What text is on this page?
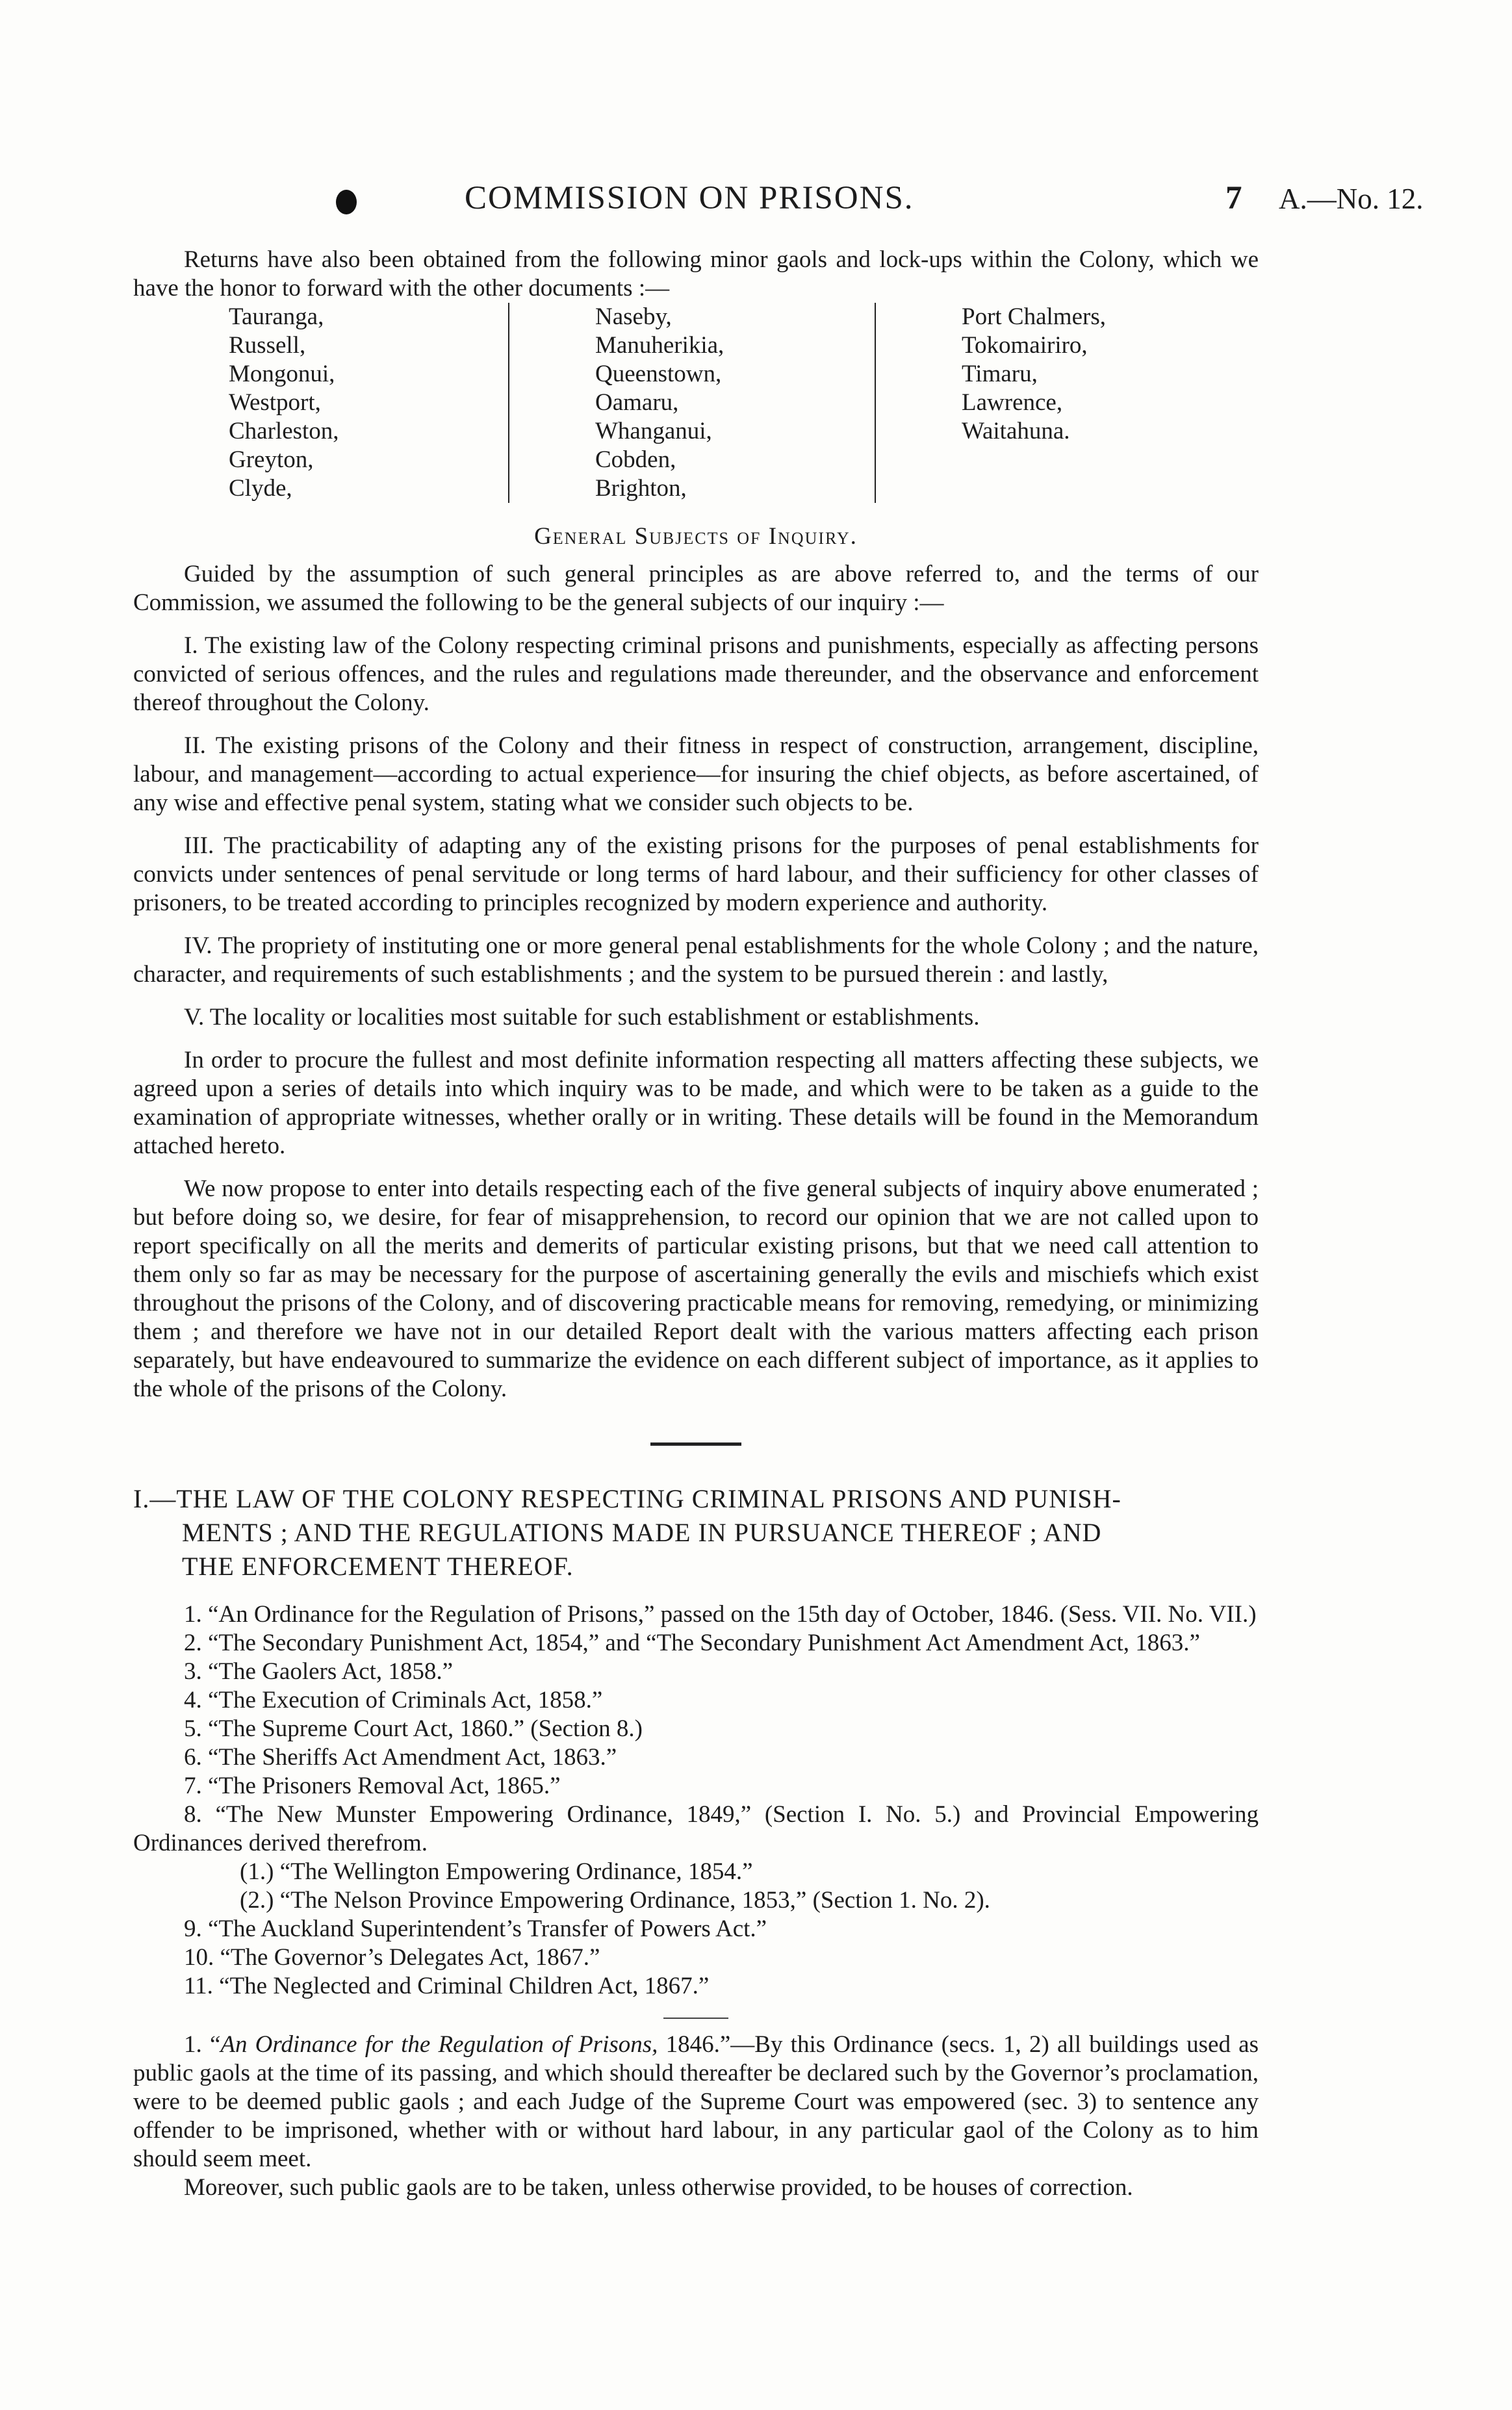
COMMISSION ON PRISONS.	7 A.—No. 12.

Returns have also been obtained from the following minor gaols and lock-ups within the Colony, which we have the honor to forward with the other documents :—

Tauranga,
Russell,
Mongonui,
Westport,
Charleston,
Greyton,
Clyde,
Naseby,
Manuherikia,
Queenstown,
Oamaru,
Whanganui,
Cobden,
Brighton,
Port Chalmers,
Tokomairiro,
Timaru,
Lawrence,
Waitahuna.
General Subjects of Inquiry.

Guided by the assumption of such general principles as are above referred to, and the terms of our Commission, we assumed the following to be the general subjects of our inquiry :—

I. The existing law of the Colony respecting criminal prisons and punishments, especially as affecting persons convicted of serious offences, and the rules and regulations made thereunder, and the observance and enforcement thereof throughout the Colony.

II. The existing prisons of the Colony and their fitness in respect of construction, arrangement, discipline, labour, and management—according to actual experience—for insuring the chief objects, as before ascertained, of any wise and effective penal system, stating what we consider such objects to be.

III. The practicability of adapting any of the existing prisons for the purposes of penal establishments for convicts under sentences of penal servitude or long terms of hard labour, and their sufficiency for other classes of prisoners, to be treated according to principles recognized by modern experience and authority.

IV. The propriety of instituting one or more general penal establishments for the whole Colony ; and the nature, character, and requirements of such establishments ; and the system to be pursued therein : and lastly,

V. The locality or localities most suitable for such establishment or establishments.

In order to procure the fullest and most definite information respecting all matters affecting these subjects, we agreed upon a series of details into which inquiry was to be made, and which were to be taken as a guide to the examination of appropriate witnesses, whether orally or in writing. These details will be found in the Memorandum attached hereto.

We now propose to enter into details respecting each of the five general subjects of inquiry above enumerated ; but before doing so, we desire, for fear of misapprehension, to record our opinion that we are not called upon to report specifically on all the merits and demerits of particular existing prisons, but that we need call attention to them only so far as may be necessary for the purpose of ascertaining generally the evils and mischiefs which exist throughout the prisons of the Colony, and of discovering practicable means for removing, remedying, or minimizing them ; and therefore we have not in our detailed Report dealt with the various matters affecting each prison separately, but have endeavoured to summarize the evidence on each different subject of importance, as it applies to the whole of the prisons of the Colony.

I.—THE LAW OF THE COLONY RESPECTING CRIMINAL PRISONS AND PUNISH-
MENTS ; AND THE REGULATIONS MADE IN PURSUANCE THEREOF ; AND
THE ENFORCEMENT THEREOF.

1. “An Ordinance for the Regulation of Prisons,” passed on the 15th day of October, 1846. (Sess. VII. No. VII.)

2. “The Secondary Punishment Act, 1854,” and “The Secondary Punishment Act Amendment Act, 1863.”

3. “The Gaolers Act, 1858.”

4. “The Execution of Criminals Act, 1858.”

5. “The Supreme Court Act, 1860.” (Section 8.)

6. “The Sheriffs Act Amendment Act, 1863.”

7. “The Prisoners Removal Act, 1865.”

8. “The New Munster Empowering Ordinance, 1849,” (Section I. No. 5.) and Provincial Empowering Ordinances derived therefrom.

(1.) “The Wellington Empowering Ordinance, 1854.”

(2.) “The Nelson Province Empowering Ordinance, 1853,” (Section 1. No. 2).

9. “The Auckland Superintendent’s Transfer of Powers Act.”

10. “The Governor’s Delegates Act, 1867.”

11. “The Neglected and Criminal Children Act, 1867.”

1. “An Ordinance for the Regulation of Prisons, 1846.”—By this Ordinance (secs. 1, 2) all buildings used as public gaols at the time of its passing, and which should thereafter be declared such by the Governor’s proclamation, were to be deemed public gaols ; and each Judge of the Supreme Court was empowered (sec. 3) to sentence any offender to be imprisoned, whether with or without hard labour, in any particular gaol of the Colony as to him should seem meet.

Moreover, such public gaols are to be taken, unless otherwise provided, to be houses of correction.
